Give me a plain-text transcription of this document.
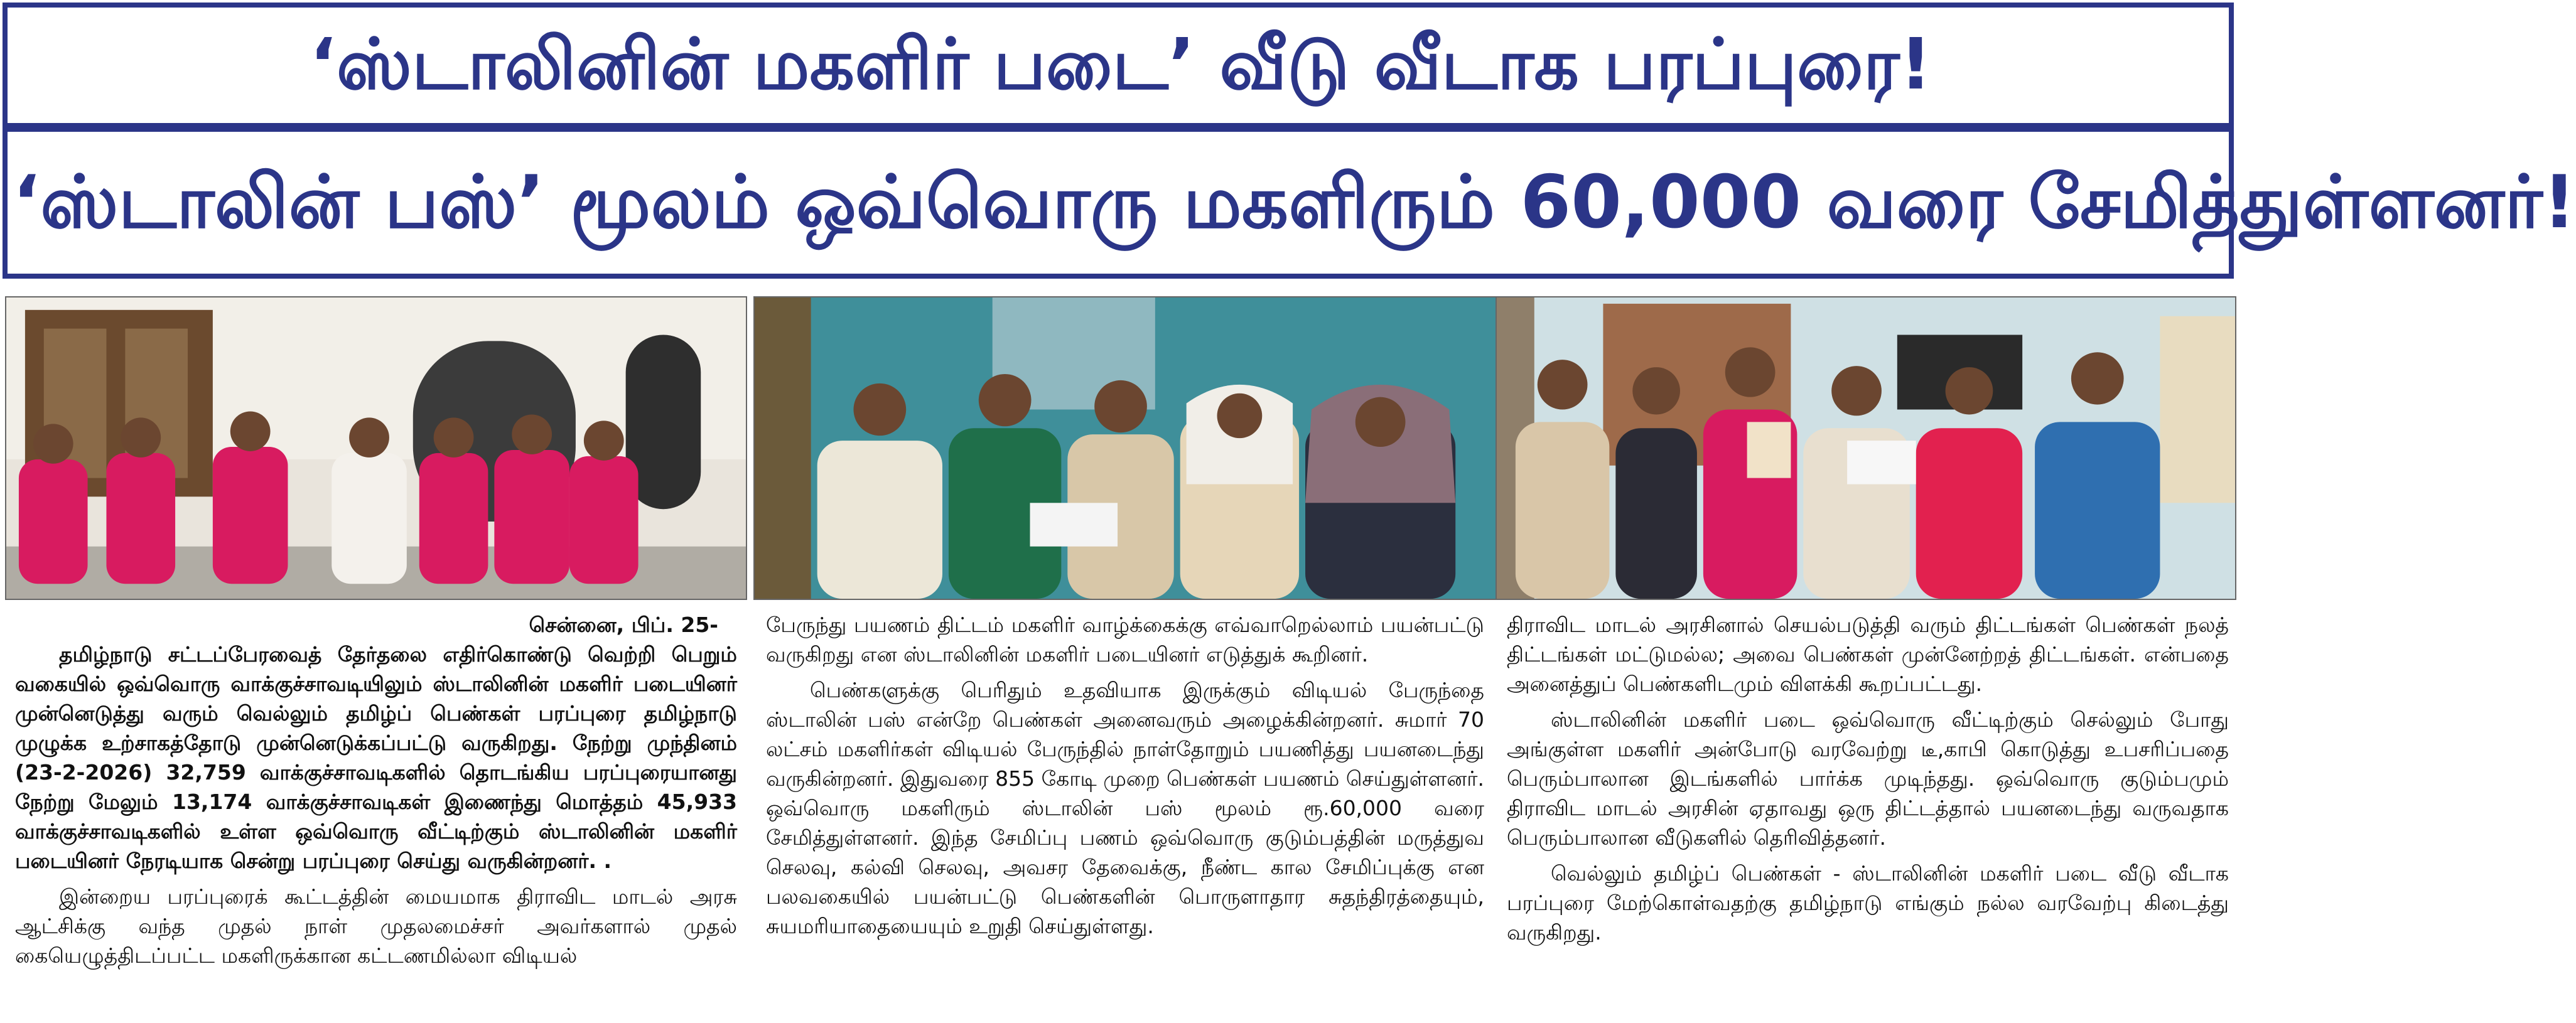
‘ஸ்டாலினின் மகளிர் படை’ வீடு வீடாக பரப்புரை!
‘ஸ்டாலின் பஸ்’ மூலம் ஒவ்வொரு மகளிரும் 60,000 வரை சேமித்துள்ளனர்!

சென்னை, பிப். 25-

தமிழ்நாடு சட்டப்பேரவைத் தேர்தலை எதிர்கொண்டு வெற்றி பெறும் வகையில் ஒவ்வொரு வாக்குச்சாவடியிலும் ஸ்டாலினின் மகளிர் படையினர் முன்னெடுத்து வரும் வெல்லும் தமிழ்ப் பெண்கள் பரப்புரை தமிழ்நாடு முழுக்க உற்சாகத்தோடு முன்னெடுக்கப்பட்டு வருகிறது. நேற்று முந்தினம் (23-2-2026) 32,759 வாக்குச்சாவடிகளில் தொடங்கிய பரப்புரையானது நேற்று மேலும் 13,174 வாக்குச்சாவடிகள் இணைந்து மொத்தம் 45,933 வாக்குச்சாவடிகளில் உள்ள ஒவ்வொரு வீட்டிற்கும் ஸ்டாலினின் மகளிர் படையினர் நேரடியாக சென்று பரப்புரை செய்து வருகின்றனர். .

இன்றைய பரப்புரைக் கூட்டத்தின் மையமாக திராவிட மாடல் அரசு ஆட்சிக்கு வந்த முதல் நாள் முதலமைச்சர் அவர்களால் முதல் கையெழுத்திடப்பட்ட மகளிருக்கான கட்டணமில்லா விடியல்

பேருந்து பயணம் திட்டம் மகளிர் வாழ்க்கைக்கு எவ்வாறெல்லாம் பயன்பட்டு வருகிறது என ஸ்டாலினின் மகளிர் படையினர் எடுத்துக் கூறினர்.

பெண்களுக்கு பெரிதும் உதவியாக இருக்கும் விடியல் பேருந்தை ஸ்டாலின் பஸ் என்றே பெண்கள் அனைவரும் அழைக்கின்றனர். சுமார் 70 லட்சம் மகளிர்கள் விடியல் பேருந்தில் நாள்தோறும் பயணித்து பயனடைந்து வருகின்றனர். இதுவரை 855 கோடி முறை பெண்கள் பயணம் செய்துள்ளனர். ஒவ்வொரு மகளிரும் ஸ்டாலின் பஸ் மூலம் ரூ.60,000 வரை சேமித்துள்ளனர். இந்த சேமிப்பு பணம் ஒவ்வொரு குடும்பத்தின் மருத்துவ செலவு, கல்வி செலவு, அவசர தேவைக்கு, நீண்ட கால சேமிப்புக்கு என பலவகையில் பயன்பட்டு பெண்களின் பொருளாதார சுதந்திரத்தையும், சுயமரியாதையையும் உறுதி செய்துள்ளது.

திராவிட மாடல் அரசினால் செயல்படுத்தி வரும் திட்டங்கள் பெண்கள் நலத் திட்டங்கள் மட்டுமல்ல; அவை பெண்கள் முன்னேற்றத் திட்டங்கள். என்பதை அனைத்துப் பெண்களிடமும் விளக்கி கூறப்பட்டது.

ஸ்டாலினின் மகளிர் படை ஒவ்வொரு வீட்டிற்கும் செல்லும் போது அங்குள்ள மகளிர் அன்போடு வரவேற்று டீ,காபி கொடுத்து உபசரிப்பதை பெரும்பாலான இடங்களில் பார்க்க முடிந்தது. ஒவ்வொரு குடும்பமும் திராவிட மாடல் அரசின் ஏதாவது ஒரு திட்டத்தால் பயனடைந்து வருவதாக பெரும்பாலான வீடுகளில் தெரிவித்தனர்.

வெல்லும் தமிழ்ப் பெண்கள் - ஸ்டாலினின் மகளிர் படை வீடு வீடாக பரப்புரை மேற்கொள்வதற்கு தமிழ்நாடு எங்கும் நல்ல வரவேற்பு கிடைத்து வருகிறது.
